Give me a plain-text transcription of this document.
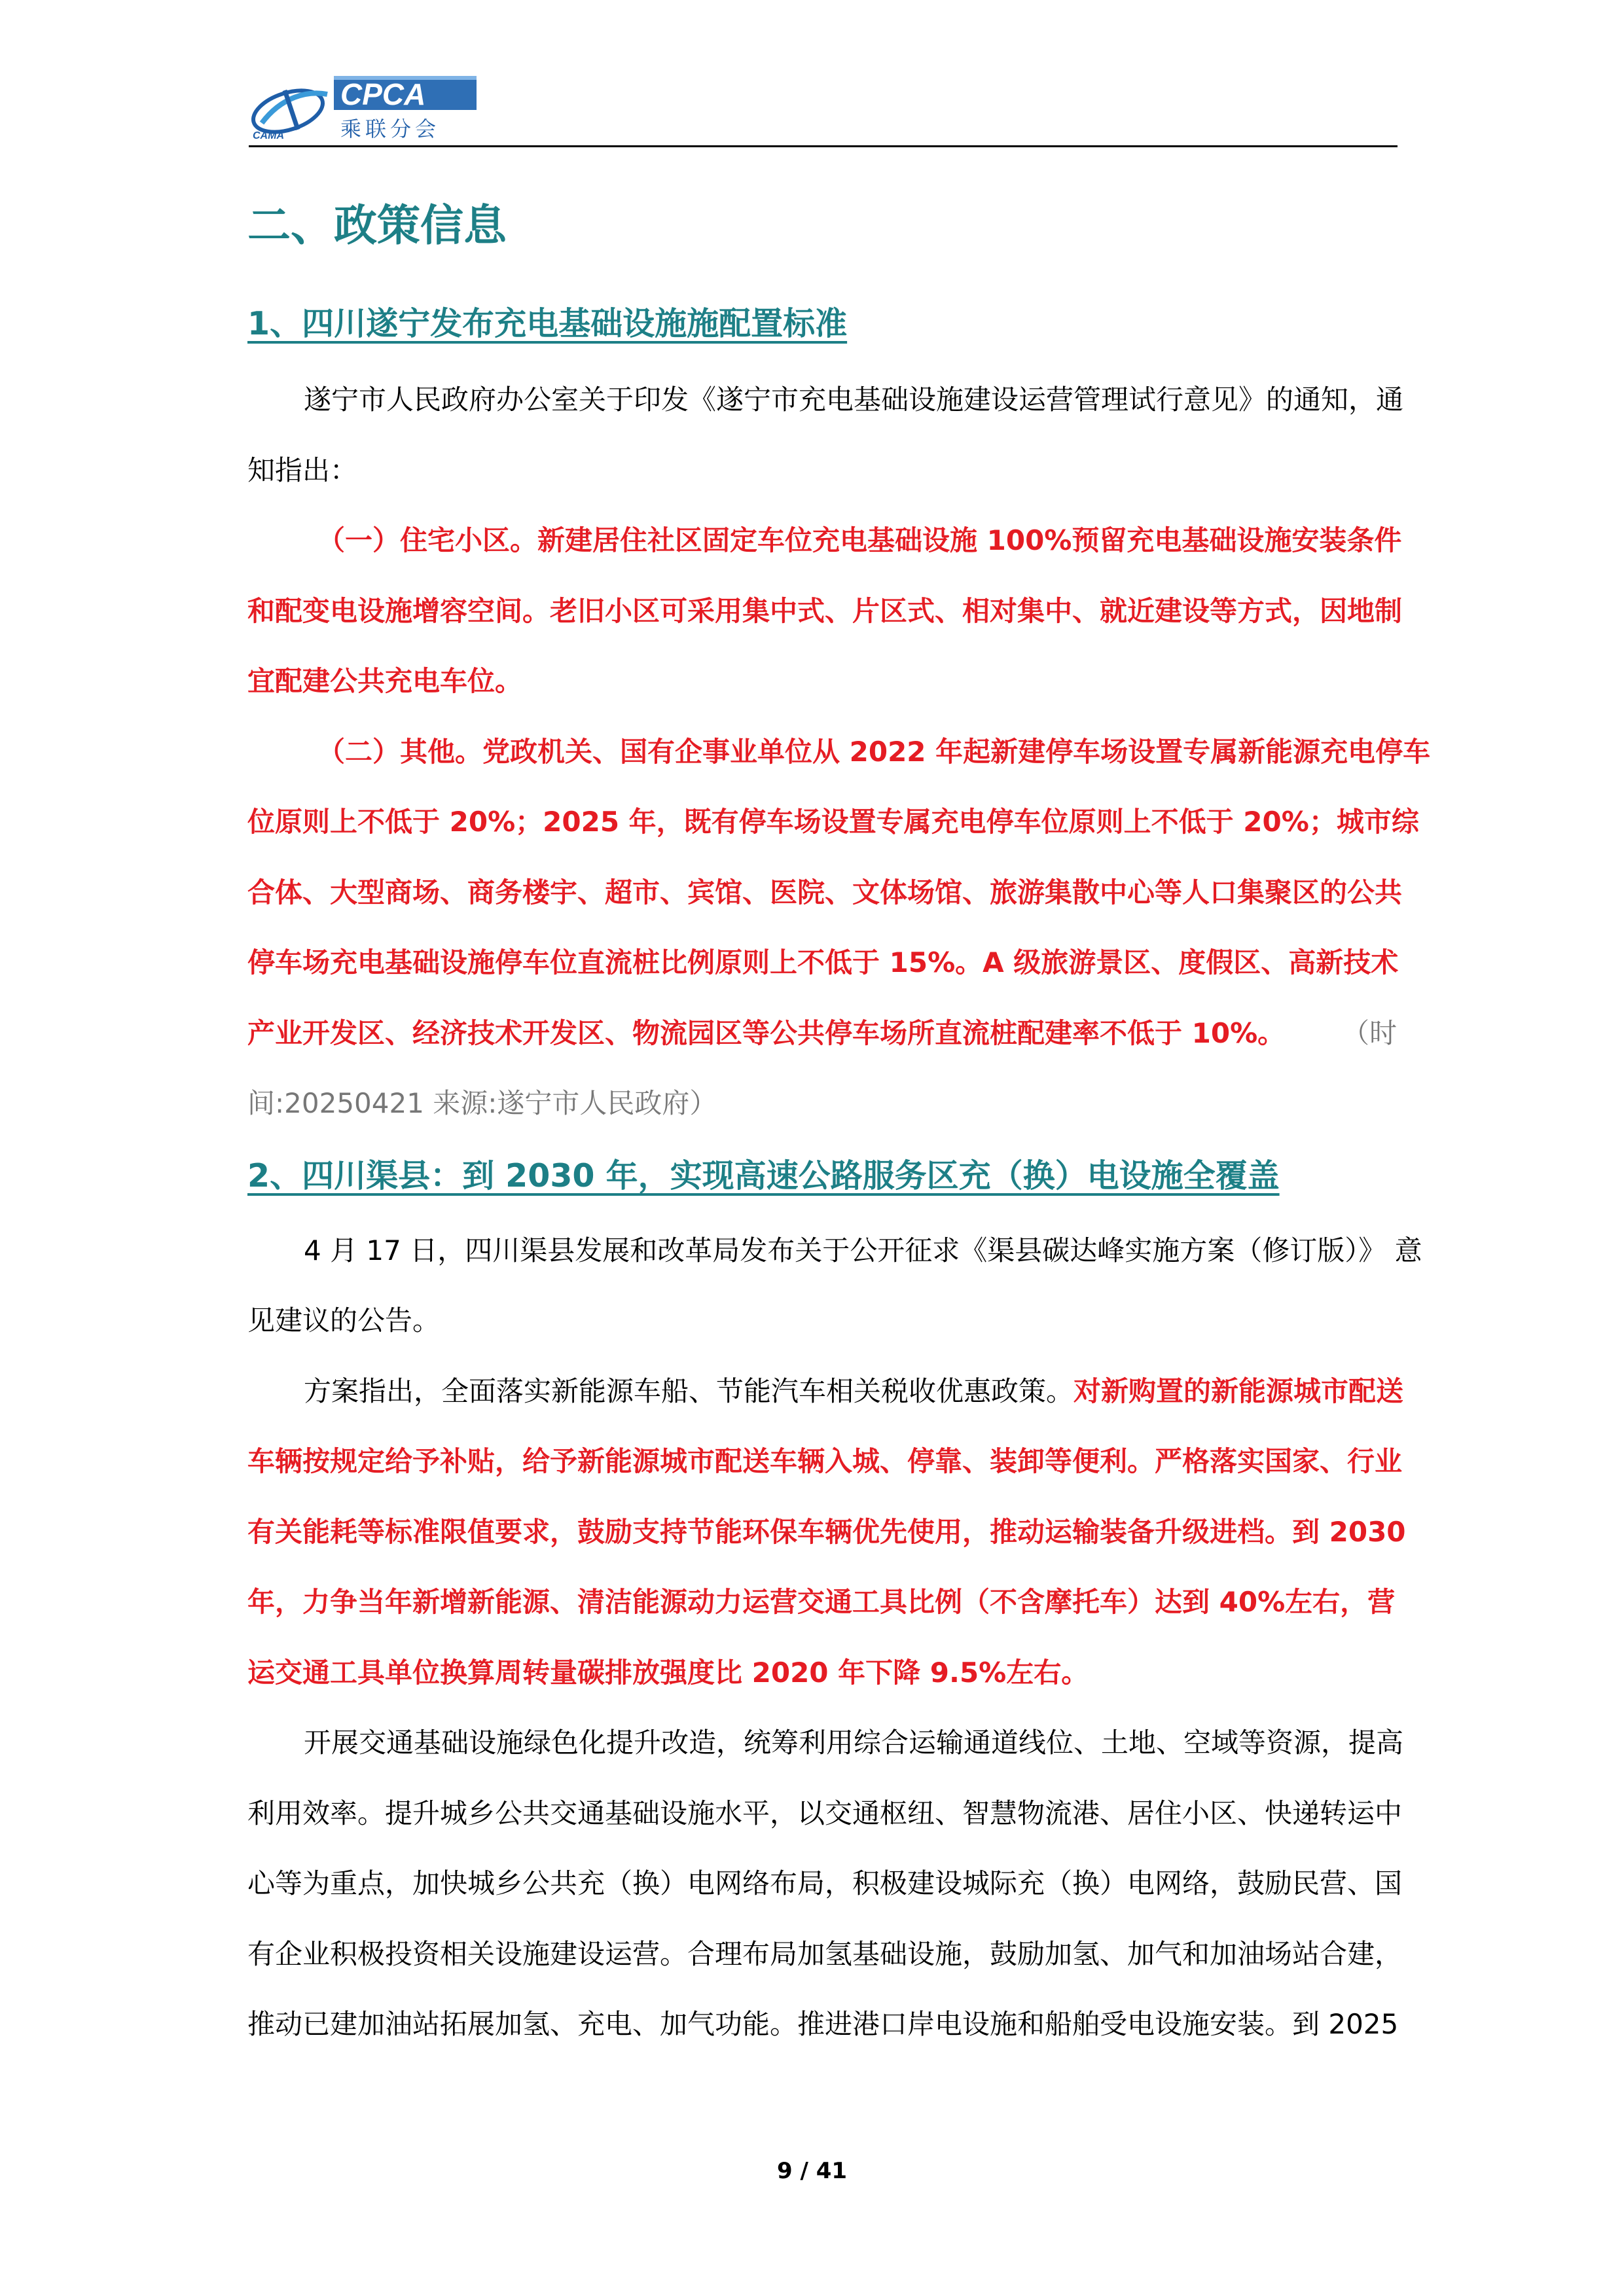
CAMA
CPCA
乘联分会
二、政策信息
1、四川遂宁发布充电基础设施施配置标准
遂宁市人民政府办公室关于印发《遂宁市充电基础设施建设运营管理试行意见》的通知，通
知指出：
（一）住宅小区。新建居住社区固定车位充电基础设施 100%预留充电基础设施安装条件
和配变电设施增容空间。老旧小区可采用集中式、片区式、相对集中、就近建设等方式，因地制
宜配建公共充电车位。
（二）其他。党政机关、国有企事业单位从 2022 年起新建停车场设置专属新能源充电停车
位原则上不低于 20%；2025 年，既有停车场设置专属充电停车位原则上不低于 20%；城市综
合体、大型商场、商务楼宇、超市、宾馆、医院、文体场馆、旅游集散中心等人口集聚区的公共
停车场充电基础设施停车位直流桩比例原则上不低于 15%。A 级旅游景区、度假区、高新技术
产业开发区、经济技术开发区、物流园区等公共停车场所直流桩配建率不低于 10%。 （时
间:20250421 来源:遂宁市人民政府）
2、四川渠县：到 2030 年，实现高速公路服务区充（换）电设施全覆盖
4 月 17 日，四川渠县发展和改革局发布关于公开征求《渠县碳达峰实施方案（修订版）》 意
见建议的公告。
方案指出，全面落实新能源车船、节能汽车相关税收优惠政策。对新购置的新能源城市配送
车辆按规定给予补贴，给予新能源城市配送车辆入城、停靠、装卸等便利。严格落实国家、行业
有关能耗等标准限值要求，鼓励支持节能环保车辆优先使用，推动运输装备升级进档。到 2030
年，力争当年新增新能源、清洁能源动力运营交通工具比例（不含摩托车）达到 40%左右，营
运交通工具单位换算周转量碳排放强度比 2020 年下降 9.5%左右。
开展交通基础设施绿色化提升改造，统筹利用综合运输通道线位、土地、空域等资源，提高
利用效率。提升城乡公共交通基础设施水平，以交通枢纽、智慧物流港、居住小区、快递转运中
心等为重点，加快城乡公共充（换）电网络布局，积极建设城际充（换）电网络，鼓励民营、国
有企业积极投资相关设施建设运营。合理布局加氢基础设施，鼓励加氢、加气和加油场站合建，
推动已建加油站拓展加氢、充电、加气功能。推进港口岸电设施和船舶受电设施安装。到 2025
9 / 41
